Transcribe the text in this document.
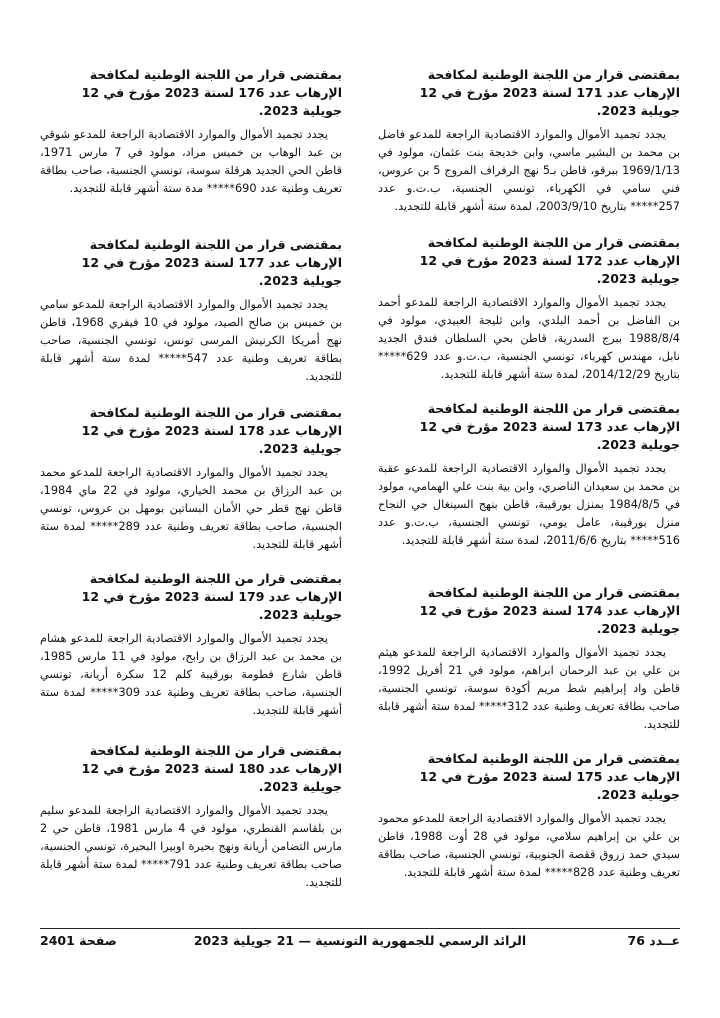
بمقتضى قرار من اللجنة الوطنية لمكافحة الإرهاب عدد 171 لسنة 2023 مؤرخ في 12 جويلية 2023.

يجدد تجميد الأموال والموارد الاقتصادية الراجعة للمدعو فاضل بن محمد بن البشير ماسي، وابن خديجة بنت عثمان، مولود في 1969/1/13 ببرقو، قاطن بـ5 نهج الرفراف المروج 5 بن عروس، فني سامي في الكهرباء، تونسي الجنسية، ب.ت.و عدد 257***** بتاريخ 2003/9/10، لمدة ستة أشهر قابلة للتجديد.

بمقتضى قرار من اللجنة الوطنية لمكافحة الإرهاب عدد 172 لسنة 2023 مؤرخ في 12 جويلية 2023.

يجدد تجميد الأموال والموارد الاقتصادية الراجعة للمدعو أحمد بن الفاضل بن أحمد البلدي، وابن ثليجة العبيدي، مولود في 1988/8/4 ببرج السدرية، قاطن بحي السلطان فندق الجديد نابل، مهندس كهرباء، تونسي الجنسية، ب.ت.و عدد 629***** بتاريخ 2014/12/29، لمدة ستة أشهر قابلة للتجديد.

بمقتضى قرار من اللجنة الوطنية لمكافحة الإرهاب عدد 173 لسنة 2023 مؤرخ في 12 جويلية 2023.

يجدد تجميد الأموال والموارد الاقتصادية الراجعة للمدعو عقبة بن محمد بن سعيدان الناصري، وابن بية بنت علي الهمامي، مولود في 1984/8/5 بمنزل بورقيبة، قاطن بنهج السينغال حي النجاح منزل بورقيبة، عامل يومي، تونسي الجنسية، ب.ت.و عدد 516***** بتاريخ 2011/6/6، لمدة ستة أشهر قابلة للتجديد.

بمقتضى قرار من اللجنة الوطنية لمكافحة الإرهاب عدد 174 لسنة 2023 مؤرخ في 12 جويلية 2023.

يجدد تجميد الأموال والموارد الاقتصادية الراجعة للمدعو هيثم بن علي بن عبد الرحمان ابراهم، مولود في 21 أفريل 1992، قاطن واد إبراهيم شط مريم أكودة سوسة، تونسي الجنسية، صاحب بطاقة تعريف وطنية عدد 312***** لمدة ستة أشهر قابلة للتجديد.

بمقتضى قرار من اللجنة الوطنية لمكافحة الإرهاب عدد 175 لسنة 2023 مؤرخ في 12 جويلية 2023.

يجدد تجميد الأموال والموارد الاقتصادية الراجعة للمدعو محمود بن علي بن إبراهيم سلامي، مولود في 28 أوت 1988، قاطن سيدي حمد زروق ققصة الجنوبية، تونسي الجنسية، صاحب بطاقة تعريف وطنية عدد 828***** لمدة ستة أشهر قابلة للتجديد.

بمقتضى قرار من اللجنة الوطنية لمكافحة الإرهاب عدد 176 لسنة 2023 مؤرخ في 12 جويلية 2023.

يجدد تجميد الأموال والموارد الاقتصادية الراجعة للمدعو شوقي بن عبد الوهاب بن خميس مراد، مولود في 7 مارس 1971، قاطن الحي الجديد هرقلة سوسة، تونسي الجنسية، صاحب بطاقة تعريف وطنية عدد 690***** مدة ستة أشهر قابلة للتجديد.

بمقتضى قرار من اللجنة الوطنية لمكافحة الإرهاب عدد 177 لسنة 2023 مؤرخ في 12 جويلية 2023.

يجدد تجميد الأموال والموارد الاقتصادية الراجعة للمدعو سامي بن خميس بن صالح الصيد، مولود في 10 فيفري 1968، قاطن نهج أمريكا الكرنيش المرسى تونس، تونسي الجنسية، صاحب بطاقة تعريف وطنية عدد 547***** لمدة ستة أشهر قابلة للتجديد.

بمقتضى قرار من اللجنة الوطنية لمكافحة الإرهاب عدد 178 لسنة 2023 مؤرخ في 12 جويلية 2023.

يجدد تجميد الأموال والموارد الاقتصادية الراجعة للمدعو محمد بن عبد الرزاق بن محمد الخياري، مولود في 22 ماي 1984، قاطن نهج قطر حي الأمان البساتين بومهل بن عروس، تونسي الجنسية، صاحب بطاقة تعريف وطنية عدد 289***** لمدة ستة أشهر قابلة للتجديد.

بمقتضى قرار من اللجنة الوطنية لمكافحة الإرهاب عدد 179 لسنة 2023 مؤرخ في 12 جويلية 2023.

يجدد تجميد الأموال والموارد الاقتصادية الراجعة للمدعو هشام بن محمد بن عبد الرزاق بن رابح، مولود في 11 مارس 1985، قاطن شارع فطومة بورقيبة كلم 12 سكرة أريانة، تونسي الجنسية، صاحب بطاقة تعريف وطنية عدد 309***** لمدة ستة أشهر قابلة للتجديد.

بمقتضى قرار من اللجنة الوطنية لمكافحة الإرهاب عدد 180 لسنة 2023 مؤرخ في 12 جويلية 2023.

يجدد تجميد الأموال والموارد الاقتصادية الراجعة للمدعو سليم بن بلقاسم القنطري، مولود في 4 مارس 1981، قاطن حي 2 مارس التضامن أريانة ونهج بحيرة اوبيرا البحيرة، تونسي الجنسية، صاحب بطاقة تعريف وطنية عدد 791***** لمدة ستة أشهر قابلة للتجديد.

عــدد 76
الرائد الرسمي للجمهورية التونسية — 21 جويلية 2023
صفحة 2401
